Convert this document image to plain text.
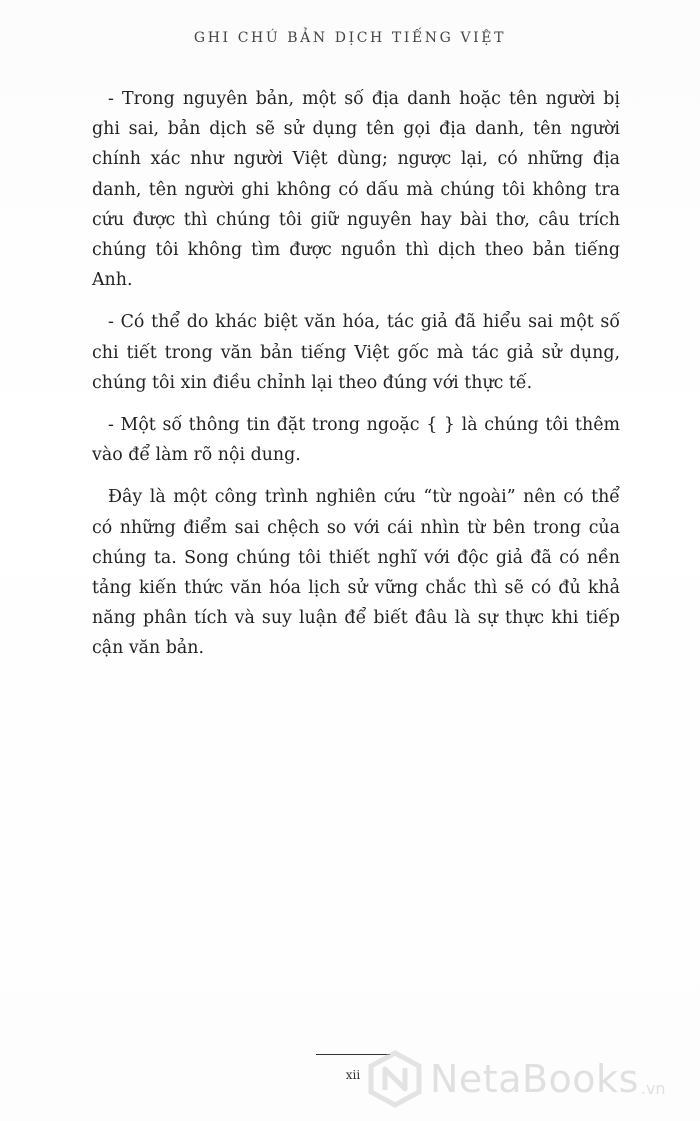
GHI CHÚ BẢN DỊCH TIẾNG VIỆT

- Trong nguyên bản, một số địa danh hoặc tên người bị ghi sai, bản dịch sẽ sử dụng tên gọi địa danh, tên người chính xác như người Việt dùng; ngược lại, có những địa danh, tên người ghi không có dấu mà chúng tôi không tra cứu được thì chúng tôi giữ nguyên hay bài thơ, câu trích chúng tôi không tìm được nguồn thì dịch theo bản tiếng Anh.

- Có thể do khác biệt văn hóa, tác giả đã hiểu sai một số chi tiết trong văn bản tiếng Việt gốc mà tác giả sử dụng, chúng tôi xin điều chỉnh lại theo đúng với thực tế.

- Một số thông tin đặt trong ngoặc { } là chúng tôi thêm vào để làm rõ nội dung.

Đây là một công trình nghiên cứu “từ ngoài” nên có thể có những điểm sai chệch so với cái nhìn từ bên trong của chúng ta. Song chúng tôi thiết nghĩ với độc giả đã có nền tảng kiến thức văn hóa lịch sử vững chắc thì sẽ có đủ khả năng phân tích và suy luận để biết đâu là sự thực khi tiếp cận văn bản.

xii	NetaBooks .vn
